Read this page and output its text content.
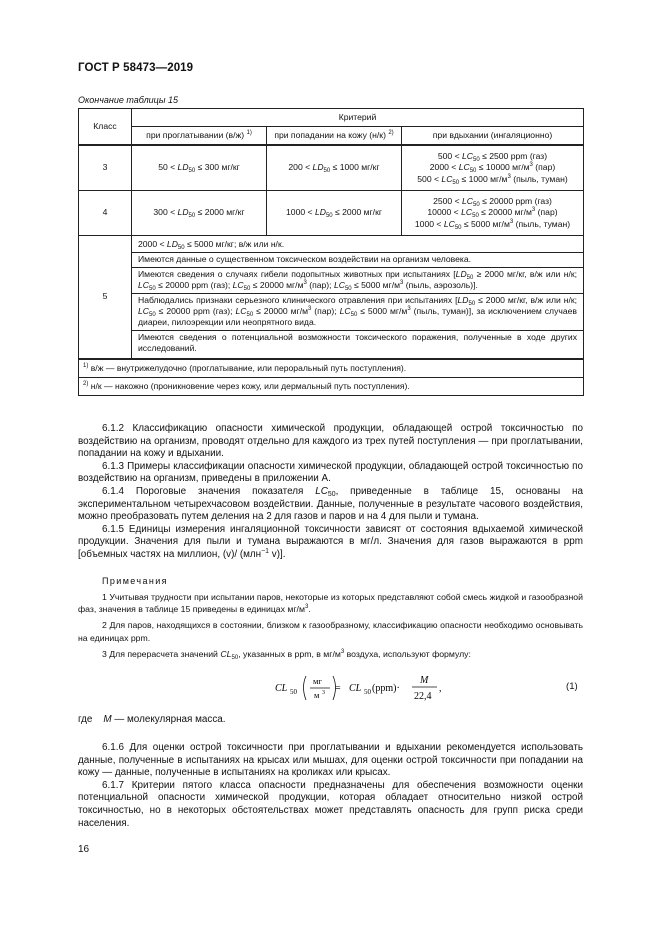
ГОСТ Р 58473—2019
Окончание таблицы 15
Класс	Критерий		
	при проглатывании (в/ж) $^{1)}$	при попадании на кожу (н/к) $^{2)}$	при вдыхании (ингаляционно)
3	$50 < LD_{50} \le 300$ мг/кг	$200 < LD_{50} \le 1000$ мг/кг	$500 < LC_{50} \le 2500$ ppm (газ)
$2000 < LC_{50} \le 10000$ $мг/м^3$ (пар)
$500 < LC_{50} \le 1000$ $мг/м^3$ (пыль, туман)

4	$300 < LD_{50} \le 2000$ мг/кг	$1000 < LD_{50} \le 2000$ мг/кг	$2500 < LC_{50} \le 20000$ ppm (газ)
$10000 < LC_{50} \le 20000$ $мг/м^3$ (пар)
$1000 < LC_{50} \le 5000$ $мг/м^3$ (пыль, туман)

5	$2000 < LD_{50} \le 5000$ мг/кг; в/ж или н/к.
Имеются данные о существенном токсическом воздействии на организм человека.
Имеются сведения о случаях гибели подопытных животных при испытаниях [$LD_{50} \ge 2000$ мг/кг, в/ж или н/к; $LC_{50} \le 20000$ ppm (газ); $LC_{50} \le 20000$ $мг/м^3$ (пар); $LC_{50} \le 5000$ $мг/м^3$ (пыль, аэрозоль)].
Наблюдались признаки серьезного клинического отравления при испытаниях [$LD_{50} \le 2000$ мг/кг, в/ж или н/к; $LC_{50} \le 20000$ ppm (газ); $LC_{50} \le 20000$ $мг/м^3$ (пар); $LC_{50} \le 5000$ $мг/м^3$ (пыль, туман)], за исключением случаев диареи, пилоэрекции или неопрятного вида.
Имеются сведения о потенциальной возможности токсического поражения, полученные в ходе других исследований.		

$^{1)}$ в/ж — внутрижелудочно (проглатывание, или пероральный путь поступления).			
$^{2)}$ н/к — накожно (проникновение через кожу, или дермальный путь поступления).			

6.1.2 Классификацию опасности химической продукции, обладающей острой токсичностью по воздействию на организм, проводят отдельно для каждого из трех путей поступления — при проглатывании, попадании на кожу и вдыхании.

6.1.3 Примеры классификации опасности химической продукции, обладающей острой токсичностью по воздействию на организм, приведены в приложении А.

6.1.4 Пороговые значения показателя $LC_{50}$, приведенные в таблице 15, основаны на экспериментальном четырехчасовом воздействии. Данные, полученные в результате часового воздействия, можно преобразовать путем деления на 2 для газов и паров и на 4 для пыли и тумана.

6.1.5 Единицы измерения ингаляционной токсичности зависят от состояния вдыхаемой химической продукции. Значения для пыли и тумана выражаются в мг/л. Значения для газов выражаются в ppm [объемных частях на миллион, (v)/ (млн$^{-1}$ v)].

Примечания

1 Учитывая трудности при испытании паров, некоторые из которых представляют собой смесь жидкой и газообразной фаз, значения в таблице 15 приведены в единицах $мг/м^3$.

2 Для паров, находящихся в состоянии, близком к газообразному, классификацию опасности необходимо основывать на единицах ppm.

3 Для перерасчета значений $CL_{50}$, указанных в ppm, в $мг/м^3$ воздуха, используют формулу:

CL 50
мг
м 3 = CL 50 (ppm)·
M
22,4
,	(1)
где M — молекулярная масса.

6.1.6 Для оценки острой токсичности при проглатывании и вдыхании рекомендуется использовать данные, полученные в испытаниях на крысах или мышах, для оценки острой токсичности при попадании на кожу — данные, полученные в испытаниях на кроликах или крысах.

6.1.7 Критерии пятого класса опасности предназначены для обеспечения возможности оценки потенциальной опасности химической продукции, которая обладает относительно низкой острой токсичностью, но в некоторых обстоятельствах может представлять опасность для групп риска среди населения.

16
